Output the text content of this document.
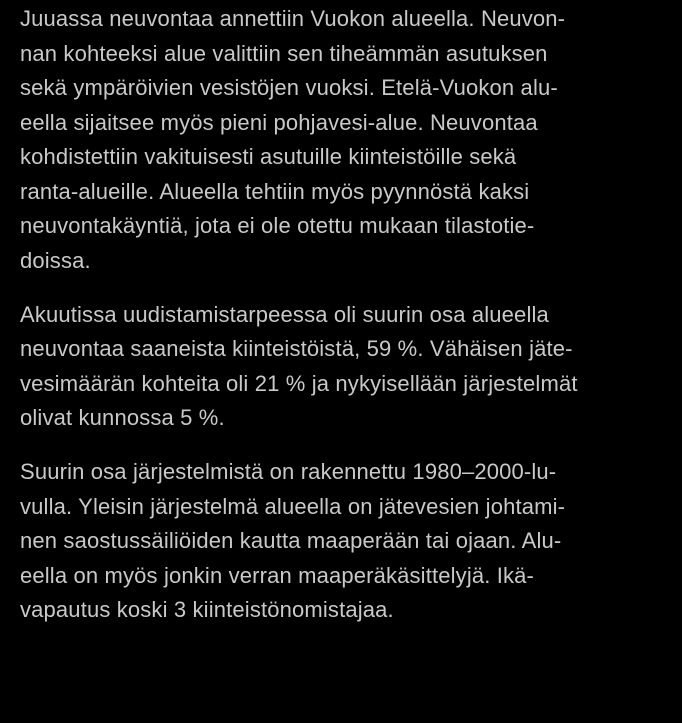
Juuassa neuvontaa annettiin Vuokon alueella. Neuvon-
nan kohteeksi alue valittiin sen tiheämmän asutuksen
sekä ympäröivien vesistöjen vuoksi. Etelä-Vuokon alu-
eella sijaitsee myös pieni pohjavesi-alue. Neuvontaa
kohdistettiin vakituisesti asutuille kiinteistöille sekä
ranta-alueille. Alueella tehtiin myös pyynnöstä kaksi
neuvontakäyntiä, jota ei ole otettu mukaan tilastotie-
doissa.
Akuutissa uudistamistarpeessa oli suurin osa alueella
neuvontaa saaneista kiinteistöistä, 59 %. Vähäisen jäte-
vesimäärän kohteita oli 21 % ja nykyisellään järjestelmät
olivat kunnossa 5 %.
Suurin osa järjestelmistä on rakennettu 1980–2000-lu-
vulla. Yleisin järjestelmä alueella on jätevesien johtami-
nen saostussäiliöiden kautta maaperään tai ojaan. Alu-
eella on myös jonkin verran maaperäkäsittelyjä. Ikä-
vapautus koski 3 kiinteistönomistajaa.
